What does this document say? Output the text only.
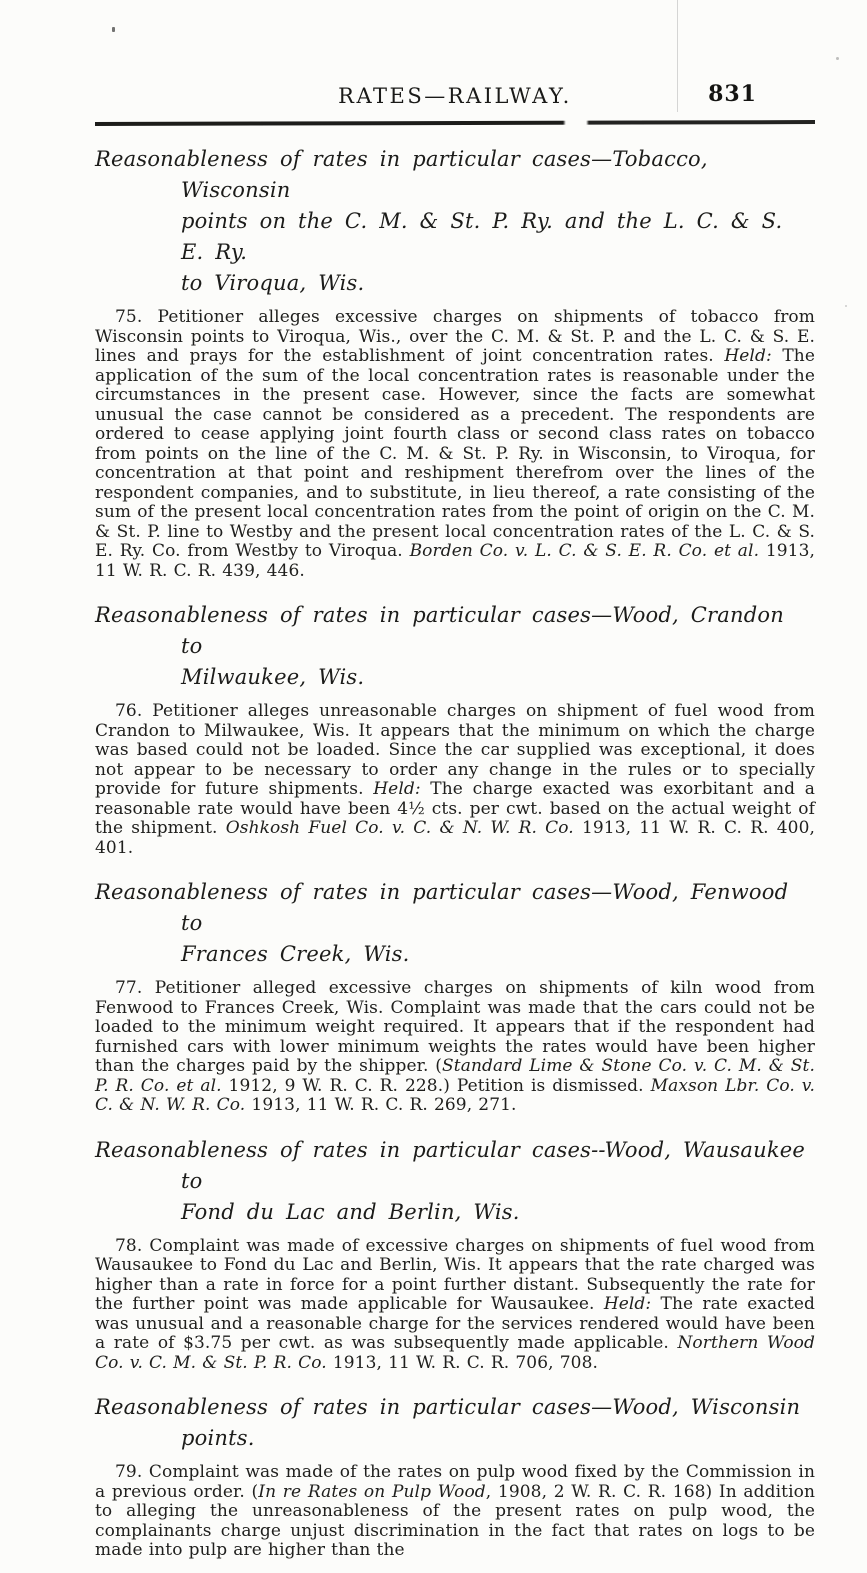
RATES—RAILWAY.	831
Reasonableness of rates in particular cases—Tobacco, Wisconsin
points on the C. M. & St. P. Ry. and the L. C. & S. E. Ry.
to Viroqua, Wis.

75. Petitioner alleges excessive charges on shipments of tobacco from Wisconsin points to Viroqua, Wis., over the C. M. & St. P. and the L. C. & S. E. lines and prays for the establishment of joint concentration rates. Held: The application of the sum of the local concentration rates is reasonable under the circumstances in the present case. However, since the facts are somewhat unusual the case cannot be considered as a precedent. The respondents are ordered to cease applying joint fourth class or second class rates on tobacco from points on the line of the C. M. & St. P. Ry. in Wisconsin, to Viroqua, for concentration at that point and reshipment therefrom over the lines of the respondent companies, and to substitute, in lieu thereof, a rate consisting of the sum of the present local concentration rates from the point of origin on the C. M. & St. P. line to Westby and the present local concentration rates of the L. C. & S. E. Ry. Co. from Westby to Viroqua. Borden Co. v. L. C. & S. E. R. Co. et al. 1913, 11 W. R. C. R. 439, 446.

Reasonableness of rates in particular cases—Wood, Crandon to
Milwaukee, Wis.

76. Petitioner alleges unreasonable charges on shipment of fuel wood from Crandon to Milwaukee, Wis. It appears that the minimum on which the charge was based could not be loaded. Since the car supplied was exceptional, it does not appear to be necessary to order any change in the rules or to specially provide for future shipments. Held: The charge exacted was exorbitant and a reasonable rate would have been 4½ cts. per cwt. based on the actual weight of the shipment. Oshkosh Fuel Co. v. C. & N. W. R. Co. 1913, 11 W. R. C. R. 400, 401.

Reasonableness of rates in particular cases—Wood, Fenwood to
Frances Creek, Wis.

77. Petitioner alleged excessive charges on shipments of kiln wood from Fenwood to Frances Creek, Wis. Complaint was made that the cars could not be loaded to the minimum weight required. It appears that if the respondent had furnished cars with lower minimum weights the rates would have been higher than the charges paid by the shipper. (Standard Lime & Stone Co. v. C. M. & St. P. R. Co. et al. 1912, 9 W. R. C. R. 228.) Petition is dismissed. Maxson Lbr. Co. v. C. & N. W. R. Co. 1913, 11 W. R. C. R. 269, 271.

Reasonableness of rates in particular cases--Wood, Wausaukee to
Fond du Lac and Berlin, Wis.

78. Complaint was made of excessive charges on shipments of fuel wood from Wausaukee to Fond du Lac and Berlin, Wis. It appears that the rate charged was higher than a rate in force for a point further distant. Subsequently the rate for the further point was made applicable for Wausaukee. Held: The rate exacted was unusual and a reasonable charge for the services rendered would have been a rate of $3.75 per cwt. as was subsequently made applicable. Northern Wood Co. v. C. M. & St. P. R. Co. 1913, 11 W. R. C. R. 706, 708.

Reasonableness of rates in particular cases—Wood, Wisconsin
points.

79. Complaint was made of the rates on pulp wood fixed by the Commission in a previous order. (In re Rates on Pulp Wood, 1908, 2 W. R. C. R. 168) In addition to alleging the unreasonableness of the present rates on pulp wood, the complainants charge unjust discrimination in the fact that rates on logs to be made into pulp are higher than the
